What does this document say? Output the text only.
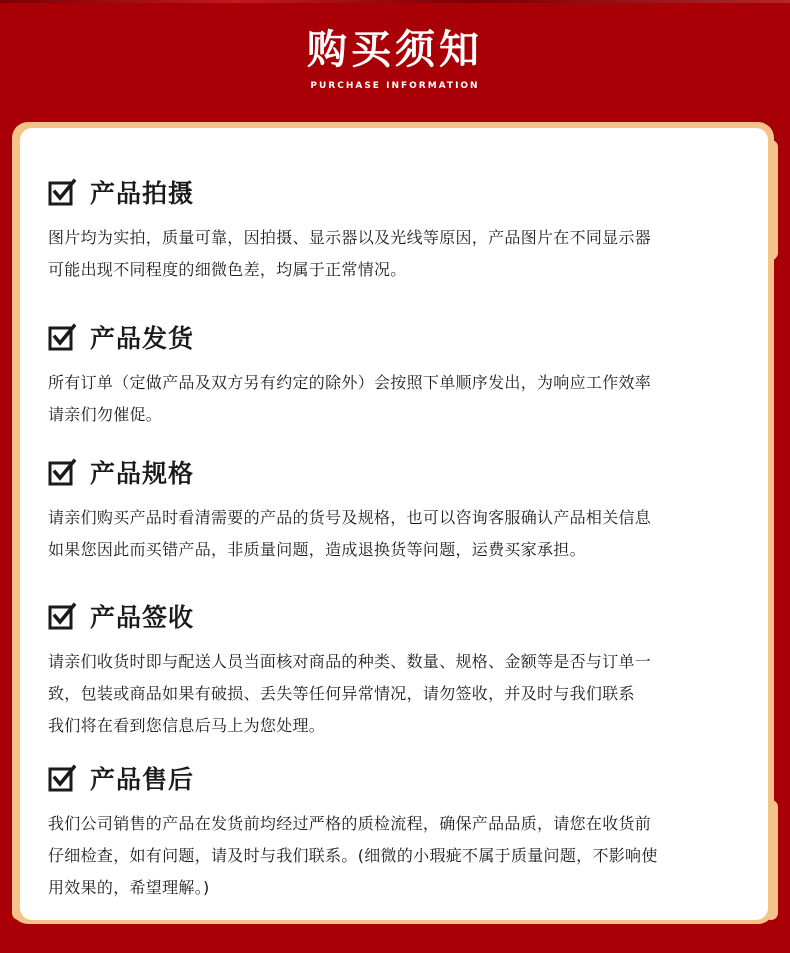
购买须知
PURCHASE INFORMATION
产品拍摄
图片均为实拍，质量可靠，因拍摄、显示器以及光线等原因，产品图片在不同显示器
可能出现不同程度的细微色差，均属于正常情况。
产品发货
所有订单（定做产品及双方另有约定的除外）会按照下单顺序发出，为响应工作效率
请亲们勿催促。
产品规格
请亲们购买产品时看清需要的产品的货号及规格，也可以咨询客服确认产品相关信息
如果您因此而买错产品，非质量问题，造成退换货等问题，运费买家承担。
产品签收
请亲们收货时即与配送人员当面核对商品的种类、数量、规格、金额等是否与订单一
致，包装或商品如果有破损、丢失等任何异常情况，请勿签收，并及时与我们联系
我们将在看到您信息后马上为您处理。
产品售后
我们公司销售的产品在发货前均经过严格的质检流程，确保产品品质，请您在收货前
仔细检查，如有问题，请及时与我们联系。(细微的小瑕疵不属于质量问题，不影响使
用效果的，希望理解。)
